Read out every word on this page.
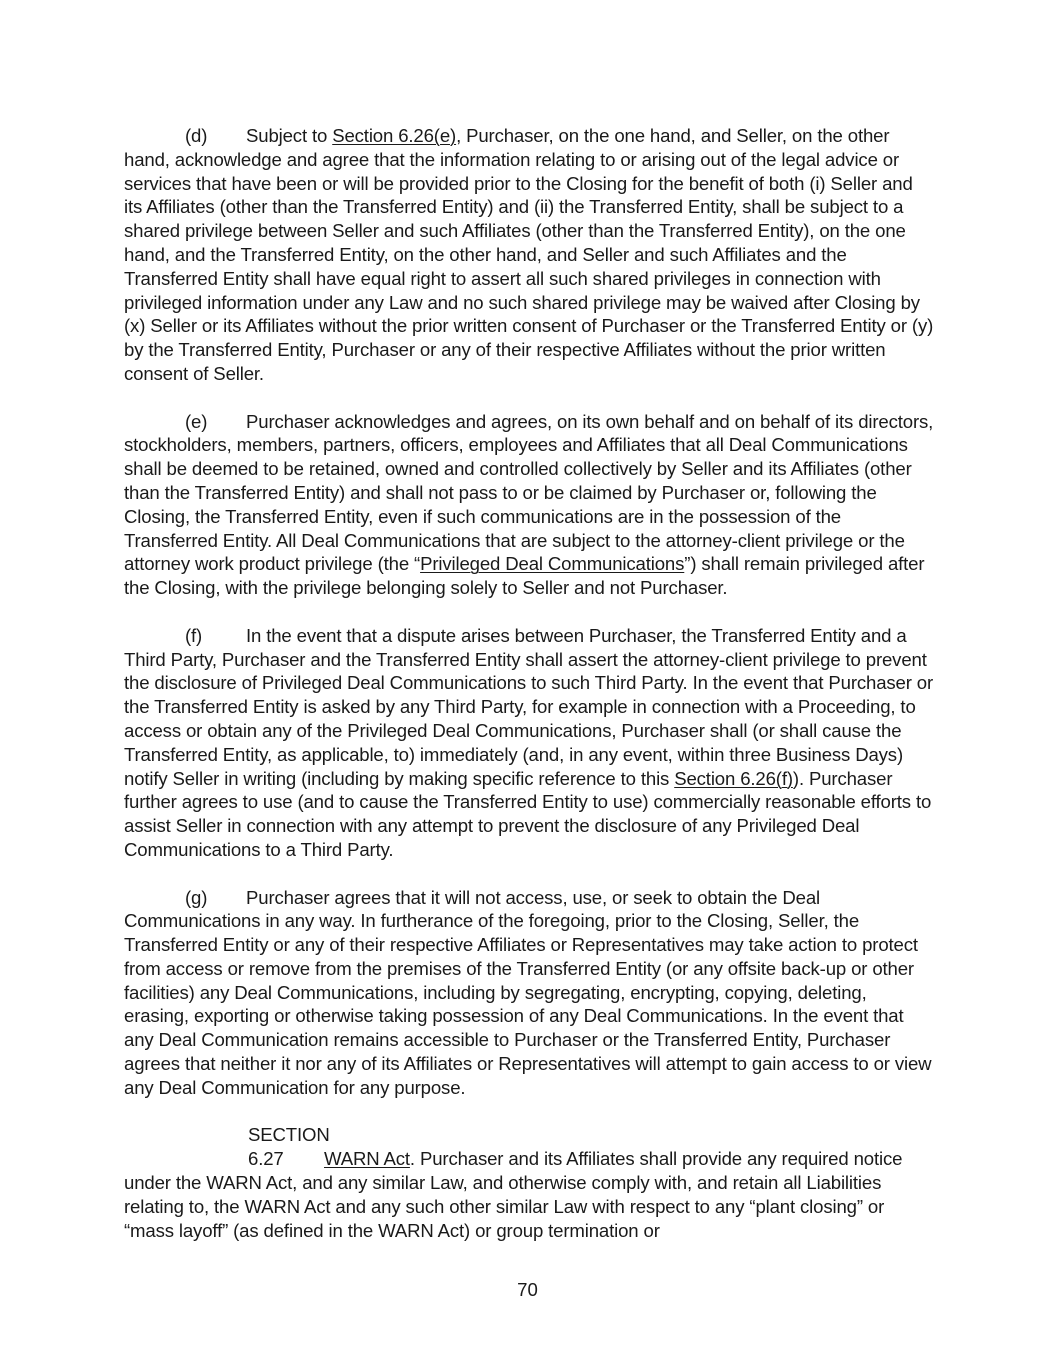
(d) Subject to Section 6.26(e), Purchaser, on the one hand, and Seller, on the other hand, acknowledge and agree that the information relating to or arising out of the legal advice or services that have been or will be provided prior to the Closing for the benefit of both (i) Seller and its Affiliates (other than the Transferred Entity) and (ii) the Transferred Entity, shall be subject to a shared privilege between Seller and such Affiliates (other than the Transferred Entity), on the one hand, and the Transferred Entity, on the other hand, and Seller and such Affiliates and the Transferred Entity shall have equal right to assert all such shared privileges in connection with privileged information under any Law and no such shared privilege may be waived after Closing by (x) Seller or its Affiliates without the prior written consent of Purchaser or the Transferred Entity or (y) by the Transferred Entity, Purchaser or any of their respective Affiliates without the prior written consent of Seller.

(e) Purchaser acknowledges and agrees, on its own behalf and on behalf of its directors, stockholders, members, partners, officers, employees and Affiliates that all Deal Communications shall be deemed to be retained, owned and controlled collectively by Seller and its Affiliates (other than the Transferred Entity) and shall not pass to or be claimed by Purchaser or, following the Closing, the Transferred Entity, even if such communications are in the possession of the Transferred Entity. All Deal Communications that are subject to the attorney-client privilege or the attorney work product privilege (the “Privileged Deal Communications”) shall remain privileged after the Closing, with the privilege belonging solely to Seller and not Purchaser.

(f) In the event that a dispute arises between Purchaser, the Transferred Entity and a Third Party, Purchaser and the Transferred Entity shall assert the attorney-client privilege to prevent the disclosure of Privileged Deal Communications to such Third Party. In the event that Purchaser or the Transferred Entity is asked by any Third Party, for example in connection with a Proceeding, to access or obtain any of the Privileged Deal Communications, Purchaser shall (or shall cause the Transferred Entity, as applicable, to) immediately (and, in any event, within three Business Days) notify Seller in writing (including by making specific reference to this Section 6.26(f)). Purchaser further agrees to use (and to cause the Transferred Entity to use) commercially reasonable efforts to assist Seller in connection with any attempt to prevent the disclosure of any Privileged Deal Communications to a Third Party.

(g) Purchaser agrees that it will not access, use, or seek to obtain the Deal Communications in any way. In furtherance of the foregoing, prior to the Closing, Seller, the Transferred Entity or any of their respective Affiliates or Representatives may take action to protect from access or remove from the premises of the Transferred Entity (or any offsite back-up or other facilities) any Deal Communications, including by segregating, encrypting, copying, deleting, erasing, exporting or otherwise taking possession of any Deal Communications. In the event that any Deal Communication remains accessible to Purchaser or the Transferred Entity, Purchaser agrees that neither it nor any of its Affiliates or Representatives will attempt to gain access to or view any Deal Communication for any purpose.

SECTION 6.27 WARN Act. Purchaser and its Affiliates shall provide any required notice under the WARN Act, and any similar Law, and otherwise comply with, and retain all Liabilities relating to, the WARN Act and any such other similar Law with respect to any “plant closing” or “mass layoff” (as defined in the WARN Act) or group termination or

70
